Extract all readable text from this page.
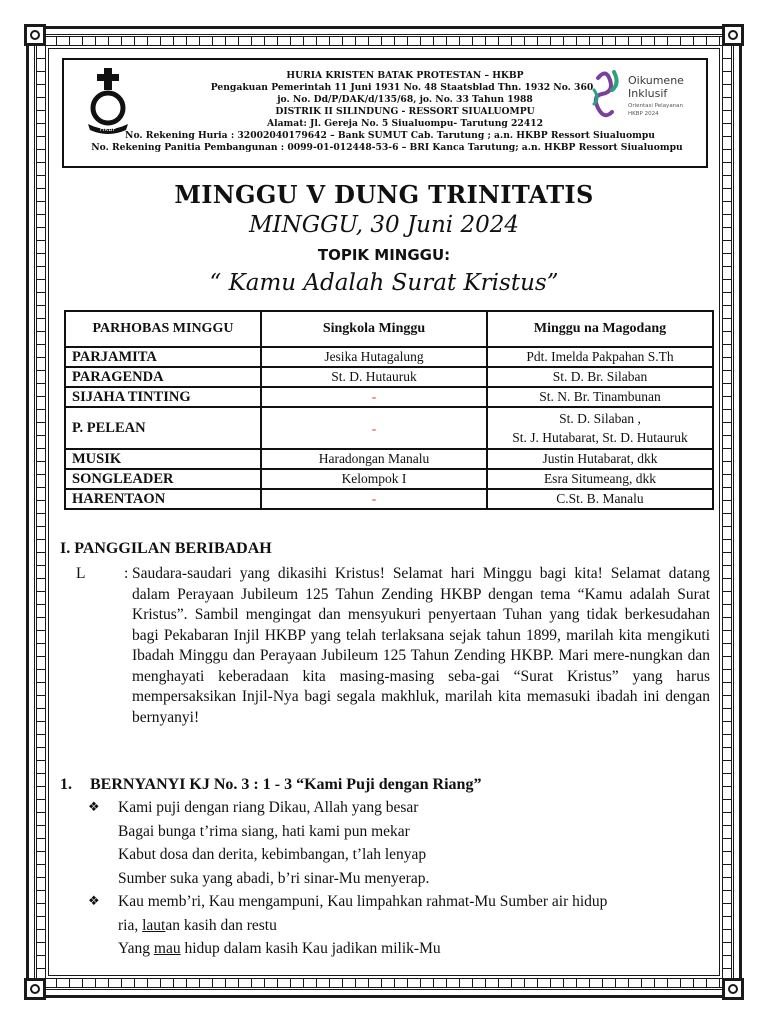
HKBP
HURIA KRISTEN BATAK PROTESTAN – HKBP
Pengakuan Pemerintah 11 Juni 1931 No. 48 Staatsblad Thn. 1932 No. 360
jo. No. Dd/P/DAK/d/135/68, jo. No. 33 Tahun 1988
DISTRIK II SILINDUNG - RESSORT SIUALUOMPU
Alamat: Jl. Gereja No. 5 Siualuompu- Tarutung 22412
No. Rekening Huria : 32002040179642 – Bank SUMUT Cab. Tarutung ; a.n. HKBP Ressort Siualuompu
No. Rekening Panitia Pembangunan : 0099-01-012448-53-6 – BRI Kanca Tarutung; a.n. HKBP Ressort Siualuompu
Oikumene
Inklusif
Orientasi Pelayanan
HKBP 2024
MINGGU V DUNG TRINITATIS
MINGGU, 30 Juni 2024
TOPIK MINGGU:
“ Kamu Adalah Surat Kristus”
PARHOBAS MINGGU	Singkola Minggu	Minggu na Magodang
PARJAMITA	Jesika Hutagalung	Pdt. Imelda Pakpahan S.Th
PARAGENDA	St. D. Hutauruk	St. D. Br. Silaban
SIJAHA TINTING	-	St. N. Br. Tinambunan
P. PELEAN	-	St. D. Silaban ,
St. J. Hutabarat, St. D. Hutauruk

MUSIK	Haradongan Manalu	Justin Hutabarat, dkk
SONGLEADER	Kelompok I	Esra Situmeang, dkk
HARENTAON	-	C.St. B. Manalu
I. PANGGILAN BERIBADAH
L : Saudara-saudari yang dikasihi Kristus! Selamat hari Minggu bagi kita! Selamat datang dalam Perayaan Jubileum 125 Tahun Zending HKBP dengan tema “Kamu adalah Surat Kristus”. Sambil mengingat dan mensyukuri penyertaan Tuhan yang tidak berkesudahan bagi Pekabaran Injil HKBP yang telah terlaksana sejak tahun 1899, marilah kita mengikuti Ibadah Minggu dan Perayaan Jubileum 125 Tahun Zending HKBP. Mari mere-nungkan dan menghayati keberadaan kita masing-masing seba-gai “Surat Kristus” yang harus mempersaksikan Injil-Nya bagi segala makhluk, marilah kita memasuki ibadah ini dengan bernyanyi!
1. BERNYANYI KJ No. 3 : 1 - 3 “Kami Puji dengan Riang”
❖ Kami puji dengan riang Dikau, Allah yang besar
Bagai bunga t’rima siang, hati kami pun mekar
Kabut dosa dan derita, kebimbangan, t’lah lenyap
Sumber suka yang abadi, b’ri sinar-Mu menyerap.
❖ Kau memb’ri, Kau mengampuni, Kau limpahkan rahmat-Mu Sumber air hidup
ria, lautan kasih dan restu
Yang mau hidup dalam kasih Kau jadikan milik-Mu
